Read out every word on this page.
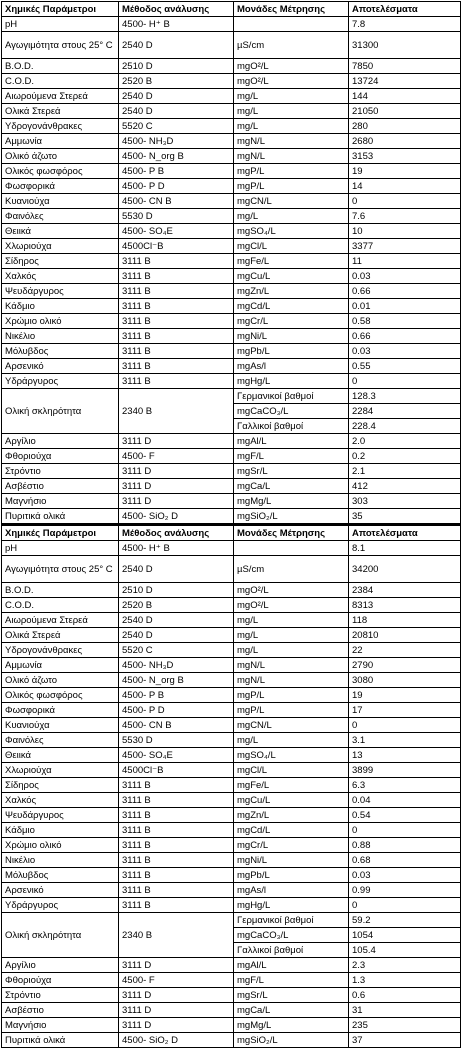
Χημικές Παράμετροι	Μέθοδος ανάλυσης	Μονάδες Μέτρησης	Αποτελέσματα
pH	4500- H⁺ B		7.8
Αγωγιμότητα στους 25° C	2540 D	µS/cm	31300
B.O.D.	2510 D	mgO²/L	7850
C.O.D.	2520 B	mgO²/L	13724
Αιωρούμενα Στερεά	2540 D	mg/L	144
Ολικά Στερεά	2540 D	mg/L	21050
Υδρογονάνθρακες	5520 C	mg/L	280
Αμμωνία	4500- NH₃D	mgN/L	2680
Ολικό άζωτο	4500- N_org B	mgN/L	3153
Ολικός φωσφόρος	4500- P B	mgP/L	19
Φωσφορικά	4500- P D	mgP/L	14
Κυανιούχα	4500- CN B	mgCN/L	0
Φαινόλες	5530 D	mg/L	7.6
Θειικά	4500- SO₄E	mgSO₄/L	10
Χλωριούχα	4500Cl⁻B	mgCl/L	3377
Σίδηρος	3111 B	mgFe/L	11
Χαλκός	3111 B	mgCu/L	0.03
Ψευδάργυρος	3111 B	mgZn/L	0.66
Κάδμιο	3111 B	mgCd/L	0.01
Χρώμιο ολικό	3111 B	mgCr/L	0.58
Νικέλιο	3111 B	mgNi/L	0.66
Μόλυβδος	3111 B	mgPb/L	0.03
Αρσενικό	3111 B	mgAs/l	0.55
Υδράργυρος	3111 B	mgHg/L	0
Ολική σκληρότητα	2340 B	Γερμανικοί βαθμοί	128.3
		mgCaCO₃/L	2284
		Γαλλικοί βαθμοί	228.4
Αργίλιο	3111 D	mgAl/L	2.0
Φθοριούχα	4500- F	mgF/L	0.2
Στρόντιο	3111 D	mgSr/L	2.1
Ασβέστιο	3111 D	mgCa/L	412
Μαγνήσιο	3111 D	mgMg/L	303
Πυριτικά ολικά	4500- SiO₂ D	mgSiO₂/L	35
Χημικές Παράμετροι	Μέθοδος ανάλυσης	Μονάδες Μέτρησης	Αποτελέσματα
pH	4500- H⁺ B		8.1
Αγωγιμότητα στους 25° C	2540 D	µS/cm	34200
B.O.D.	2510 D	mgO²/L	2384
C.O.D.	2520 B	mgO²/L	8313
Αιωρούμενα Στερεά	2540 D	mg/L	118
Ολικά Στερεά	2540 D	mg/L	20810
Υδρογονάνθρακες	5520 C	mg/L	22
Αμμωνία	4500- NH₃D	mgN/L	2790
Ολικό άζωτο	4500- N_org B	mgN/L	3080
Ολικός φωσφόρος	4500- P B	mgP/L	19
Φωσφορικά	4500- P D	mgP/L	17
Κυανιούχα	4500- CN B	mgCN/L	0
Φαινόλες	5530 D	mg/L	3.1
Θειικά	4500- SO₄E	mgSO₄/L	13
Χλωριούχα	4500Cl⁻B	mgCl/L	3899
Σίδηρος	3111 B	mgFe/L	6.3
Χαλκός	3111 B	mgCu/L	0.04
Ψευδάργυρος	3111 B	mgZn/L	0.54
Κάδμιο	3111 B	mgCd/L	0
Χρώμιο ολικό	3111 B	mgCr/L	0.88
Νικέλιο	3111 B	mgNi/L	0.68
Μόλυβδος	3111 B	mgPb/L	0.03
Αρσενικό	3111 B	mgAs/l	0.99
Υδράργυρος	3111 B	mgHg/L	0
Ολική σκληρότητα	2340 B	Γερμανικοί βαθμοί	59.2
		mgCaCO₃/L	1054
		Γαλλικοί βαθμοί	105.4
Αργίλιο	3111 D	mgAl/L	2.3
Φθοριούχα	4500- F	mgF/L	1.3
Στρόντιο	3111 D	mgSr/L	0.6
Ασβέστιο	3111 D	mgCa/L	31
Μαγνήσιο	3111 D	mgMg/L	235
Πυριτικά ολικά	4500- SiO₂ D	mgSiO₂/L	37
